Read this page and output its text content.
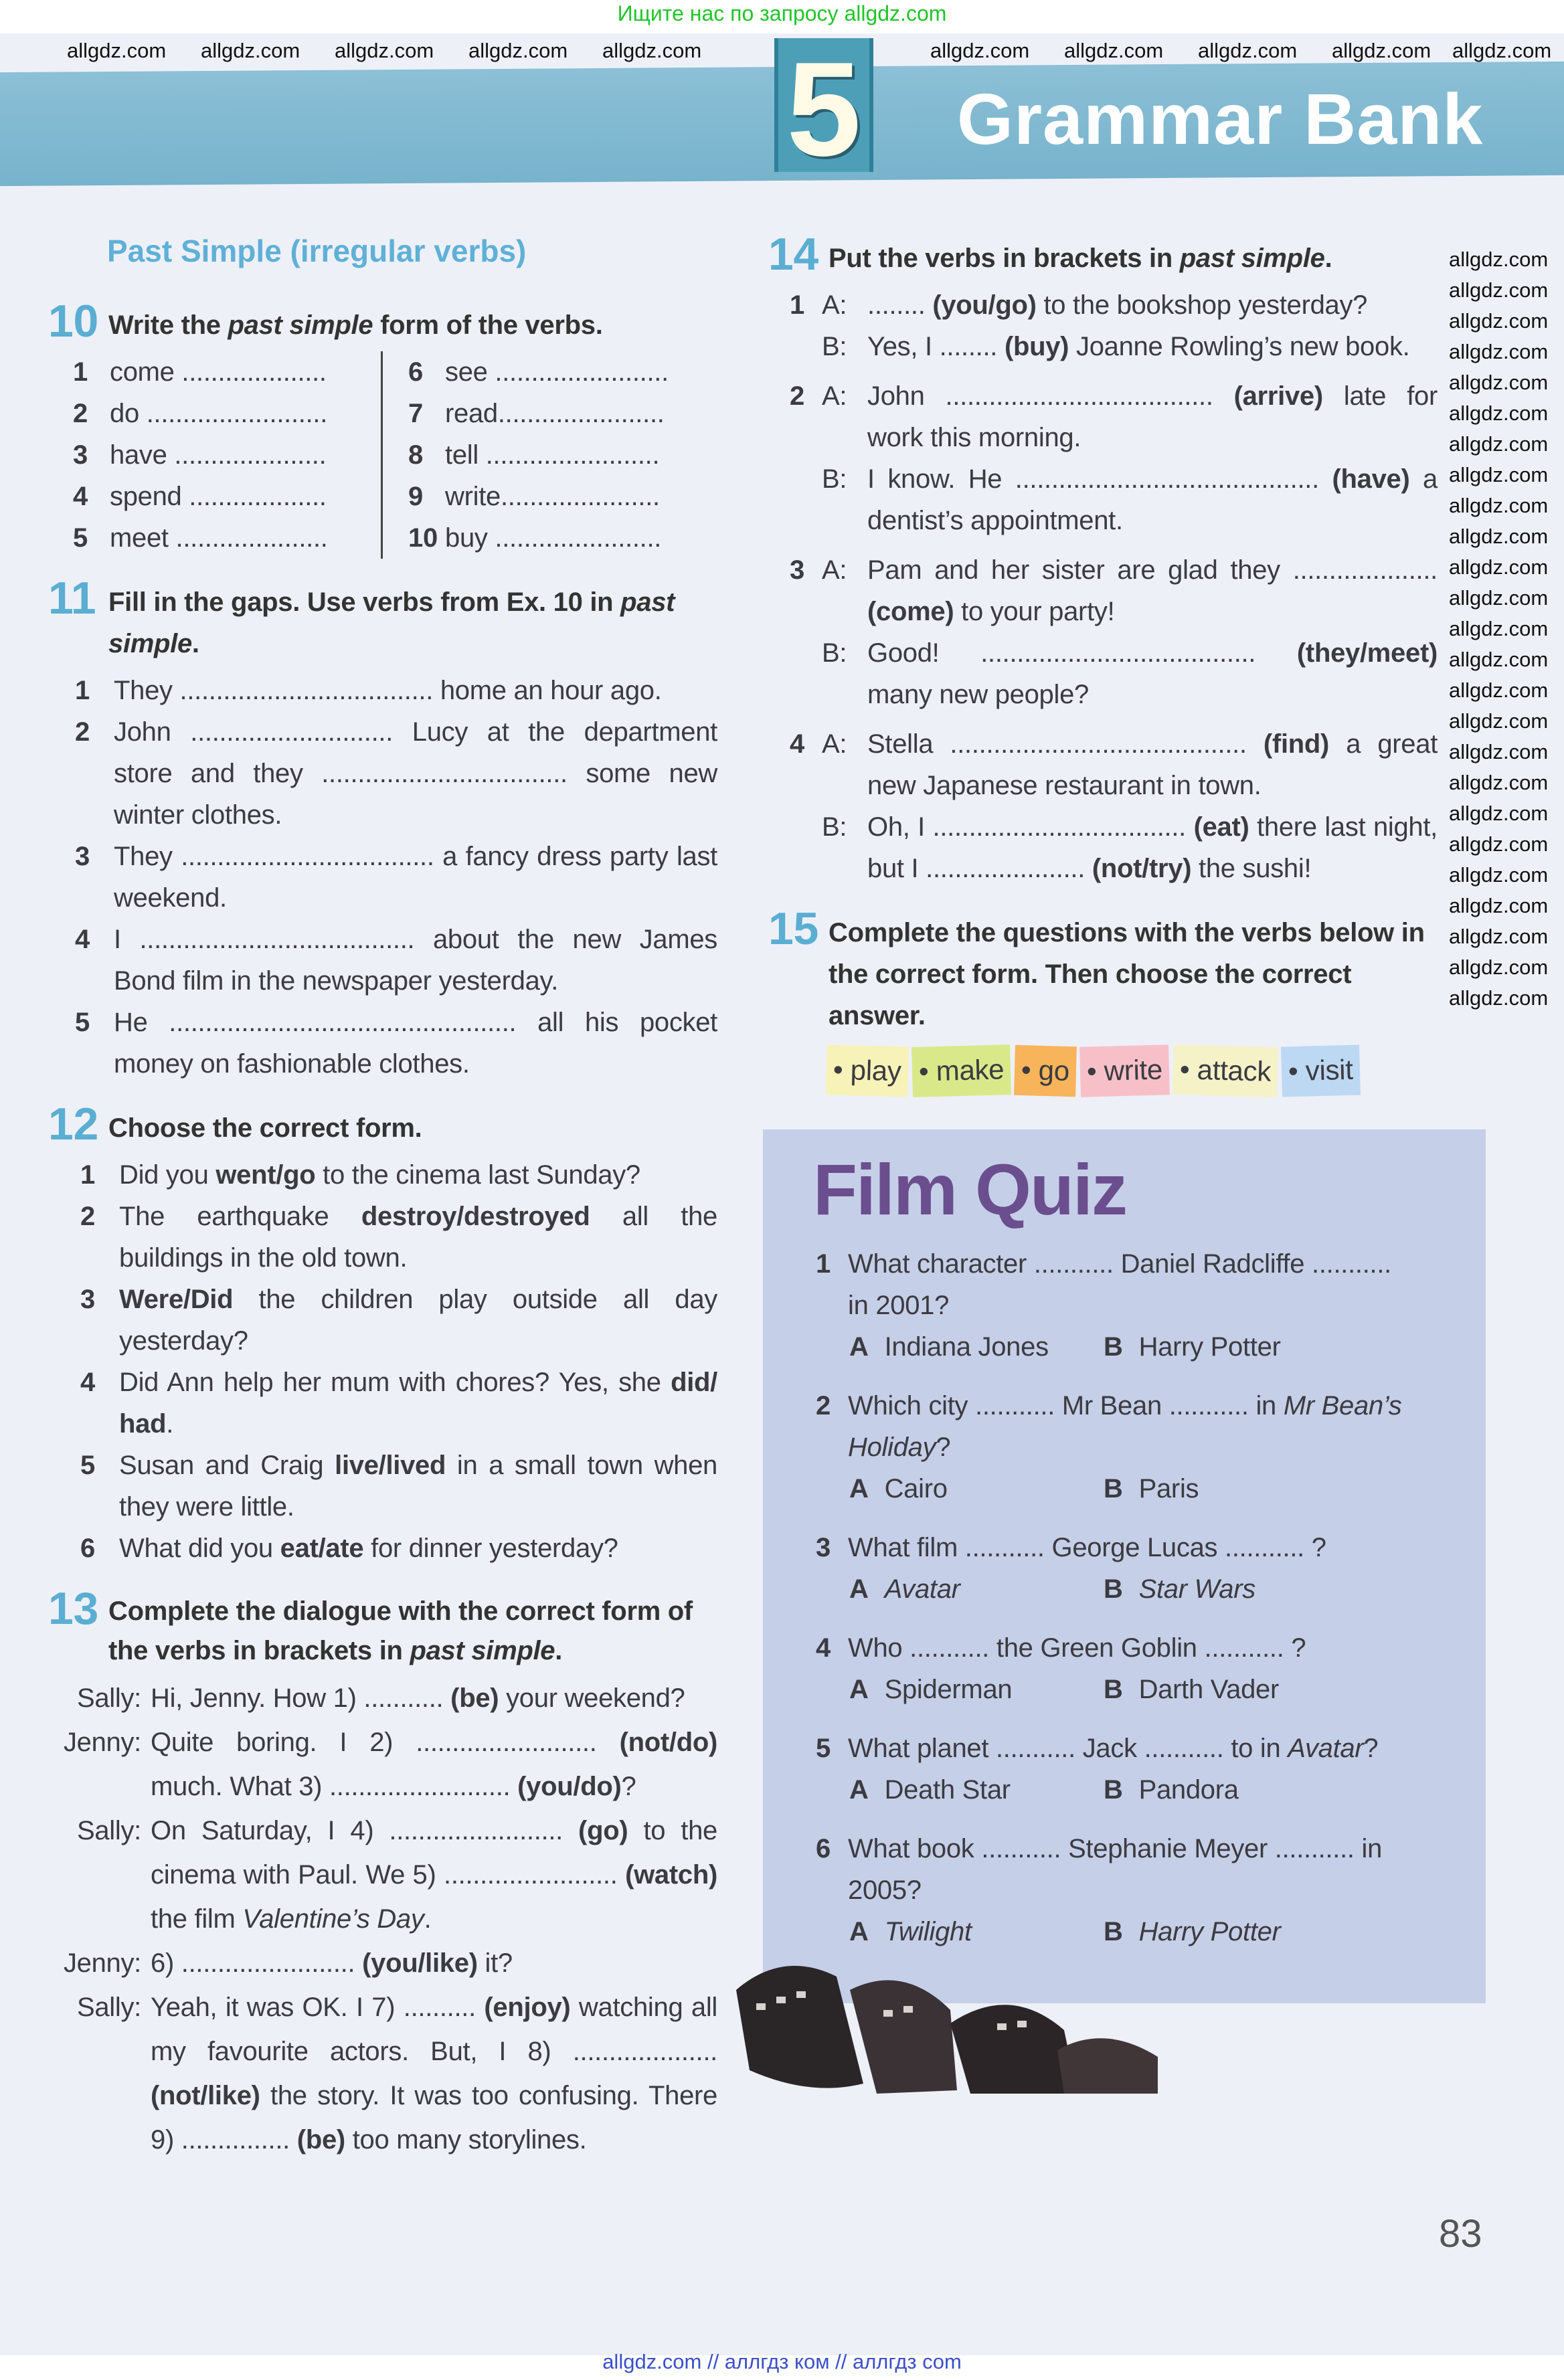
Ищите нас по запросу allgdz.com
5 Grammar Bank
Past Simple (irregular verbs)
10 Write the past simple form of the verbs.
1 come ....................
2 do .........................
3 have .....................
4 spend ...................
5 meet .....................
6 see ........................
7 read.......................
8 tell ........................
9 write......................
10 buy .......................
11 Fill in the gaps. Use verbs from Ex. 10 in past simple.
1 They ................................... home an hour ago.
2 John ............................ Lucy at the department store and they .................................. some new winter clothes.
3 They ................................... a fancy dress party last weekend.
4 I ...................................... about the new James Bond film in the newspaper yesterday.
5 He ................................................ all his pocket money on fashionable clothes.
12 Choose the correct form.
1 Did you went/go to the cinema last Sunday?
2 The earthquake destroy/destroyed all the buildings in the old town.
3 Were/Did the children play outside all day yesterday?
4 Did Ann help her mum with chores? Yes, she did/ had.
5 Susan and Craig live/lived in a small town when they were little.
6 What did you eat/ate for dinner yesterday?
13 Complete the dialogue with the correct form of the verbs in brackets in past simple.
Sally: Hi, Jenny. How 1) ........... (be) your weekend?
Jenny: Quite boring. I 2) ......................... (not/do) much. What 3) ......................... (you/do)?
Sally: On Saturday, I 4) ........................ (go) to the cinema with Paul. We 5) ........................ (watch) the film Valentine’s Day.
Jenny: 6) ........................ (you/like) it?
Sally: Yeah, it was OK. I 7) .......... (enjoy) watching all my favourite actors. But, I 8) .................... (not/like) the story. It was too confusing. There 9) ............... (be) too many storylines.
14 Put the verbs in brackets in past simple.
1 A: ........ (you/go) to the bookshop yesterday?
B: Yes, I ........ (buy) Joanne Rowling’s new book.
2 A: John ..................................... (arrive) late for work this morning.
B: I know. He .......................................... (have) a dentist’s appointment.
3 A: Pam and her sister are glad they .................... (come) to your party!
B: Good! ...................................... (they/meet) many new people?
4 A: Stella ......................................... (find) a great new Japanese restaurant in town.
B: Oh, I ................................... (eat) there last night, but I ...................... (not/try) the sushi!
15 Complete the questions with the verbs below in the correct form. Then choose the correct answer.
• play • make • go • write • attack • visit
Film Quiz
1 What character ........... Daniel Radcliffe ........... in 2001?
A Indiana Jones B Harry Potter
2 Which city ........... Mr Bean ........... in Mr Bean’s Holiday?
A Cairo	B Paris
3 What film ........... George Lucas ........... ?
A Avatar	B Star Wars
4 Who ........... the Green Goblin ........... ?
A Spiderman	B Darth Vader
5 What planet ........... Jack ........... to in Avatar?
A Death Star	B Pandora
6 What book ........... Stephanie Meyer ........... in 2005?
A Twilight	B Harry Potter
83
allgdz.com // аллгдз ком // аллгдз com
allgdz.com allgdz.com allgdz.com allgdz.com allgdz.com	allgdz.com allgdz.com allgdz.com allgdz.com allgdz.com
allgdz.com
allgdz.com
allgdz.com
allgdz.com
allgdz.com
allgdz.com
allgdz.com
allgdz.com
allgdz.com
allgdz.com
allgdz.com
allgdz.com
allgdz.com
allgdz.com
allgdz.com
allgdz.com
allgdz.com
allgdz.com
allgdz.com
allgdz.com
allgdz.com
allgdz.com
allgdz.com
allgdz.com
allgdz.com
